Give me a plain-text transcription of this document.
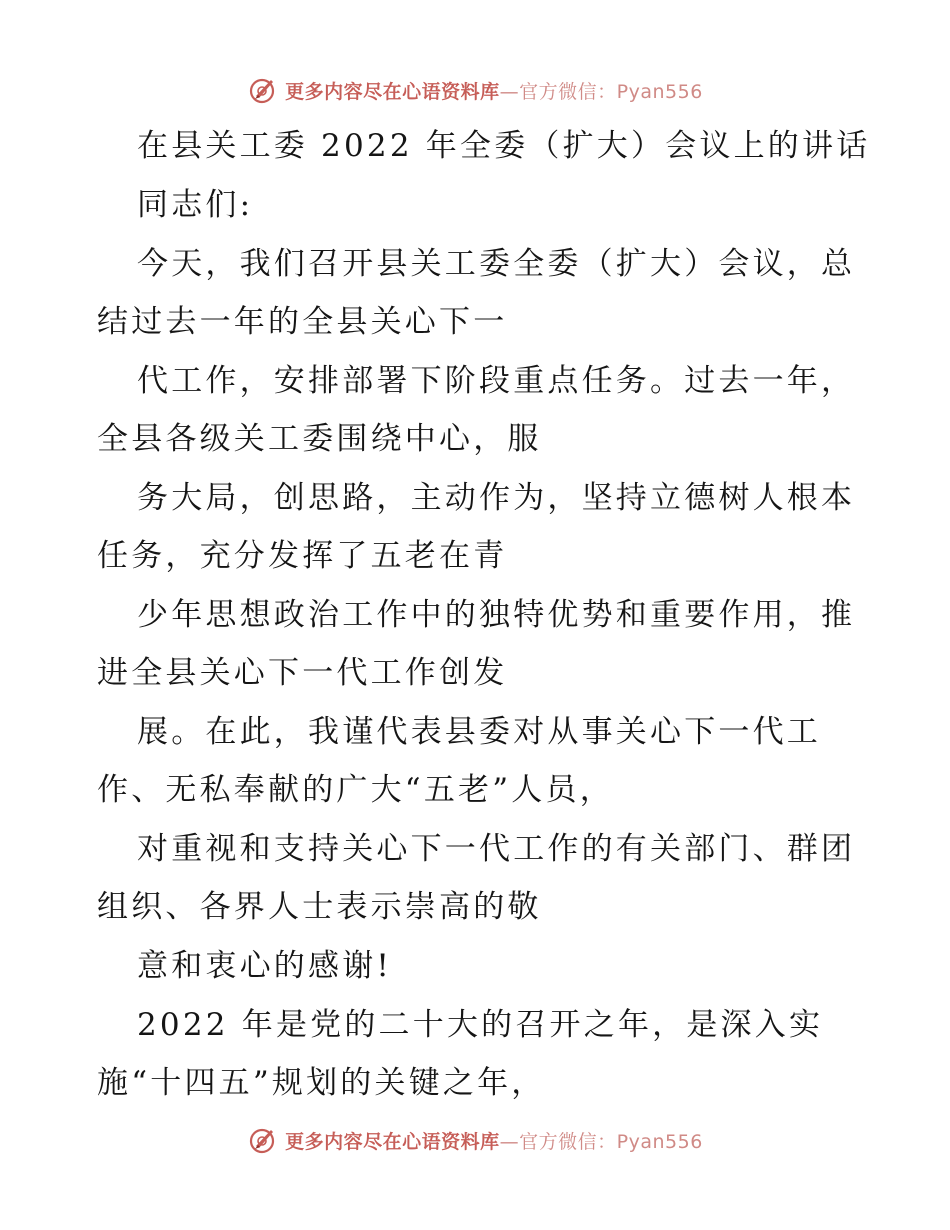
更多内容尽在心语资料库—官方微信：Pyan556
在县关工委 2022 年全委（扩大）会议上的讲话
同志们:
今天，我们召开县关工委全委（扩大）会议，总
结过去一年的全县关心下一
代工作，安排部署下阶段重点任务。过去一年，
全县各级关工委围绕中心，服
务大局，创思路，主动作为，坚持立德树人根本
任务，充分发挥了五老在青
少年思想政治工作中的独特优势和重要作用，推
进全县关心下一代工作创发
展。在此，我谨代表县委对从事关心下一代工
作、无私奉献的广大“五老”人员，
对重视和支持关心下一代工作的有关部门、群团
组织、各界人士表示崇高的敬
意和衷心的感谢!
2022 年是党的二十大的召开之年，是深入实
施“十四五”规划的关键之年，
更多内容尽在心语资料库—官方微信：Pyan556
